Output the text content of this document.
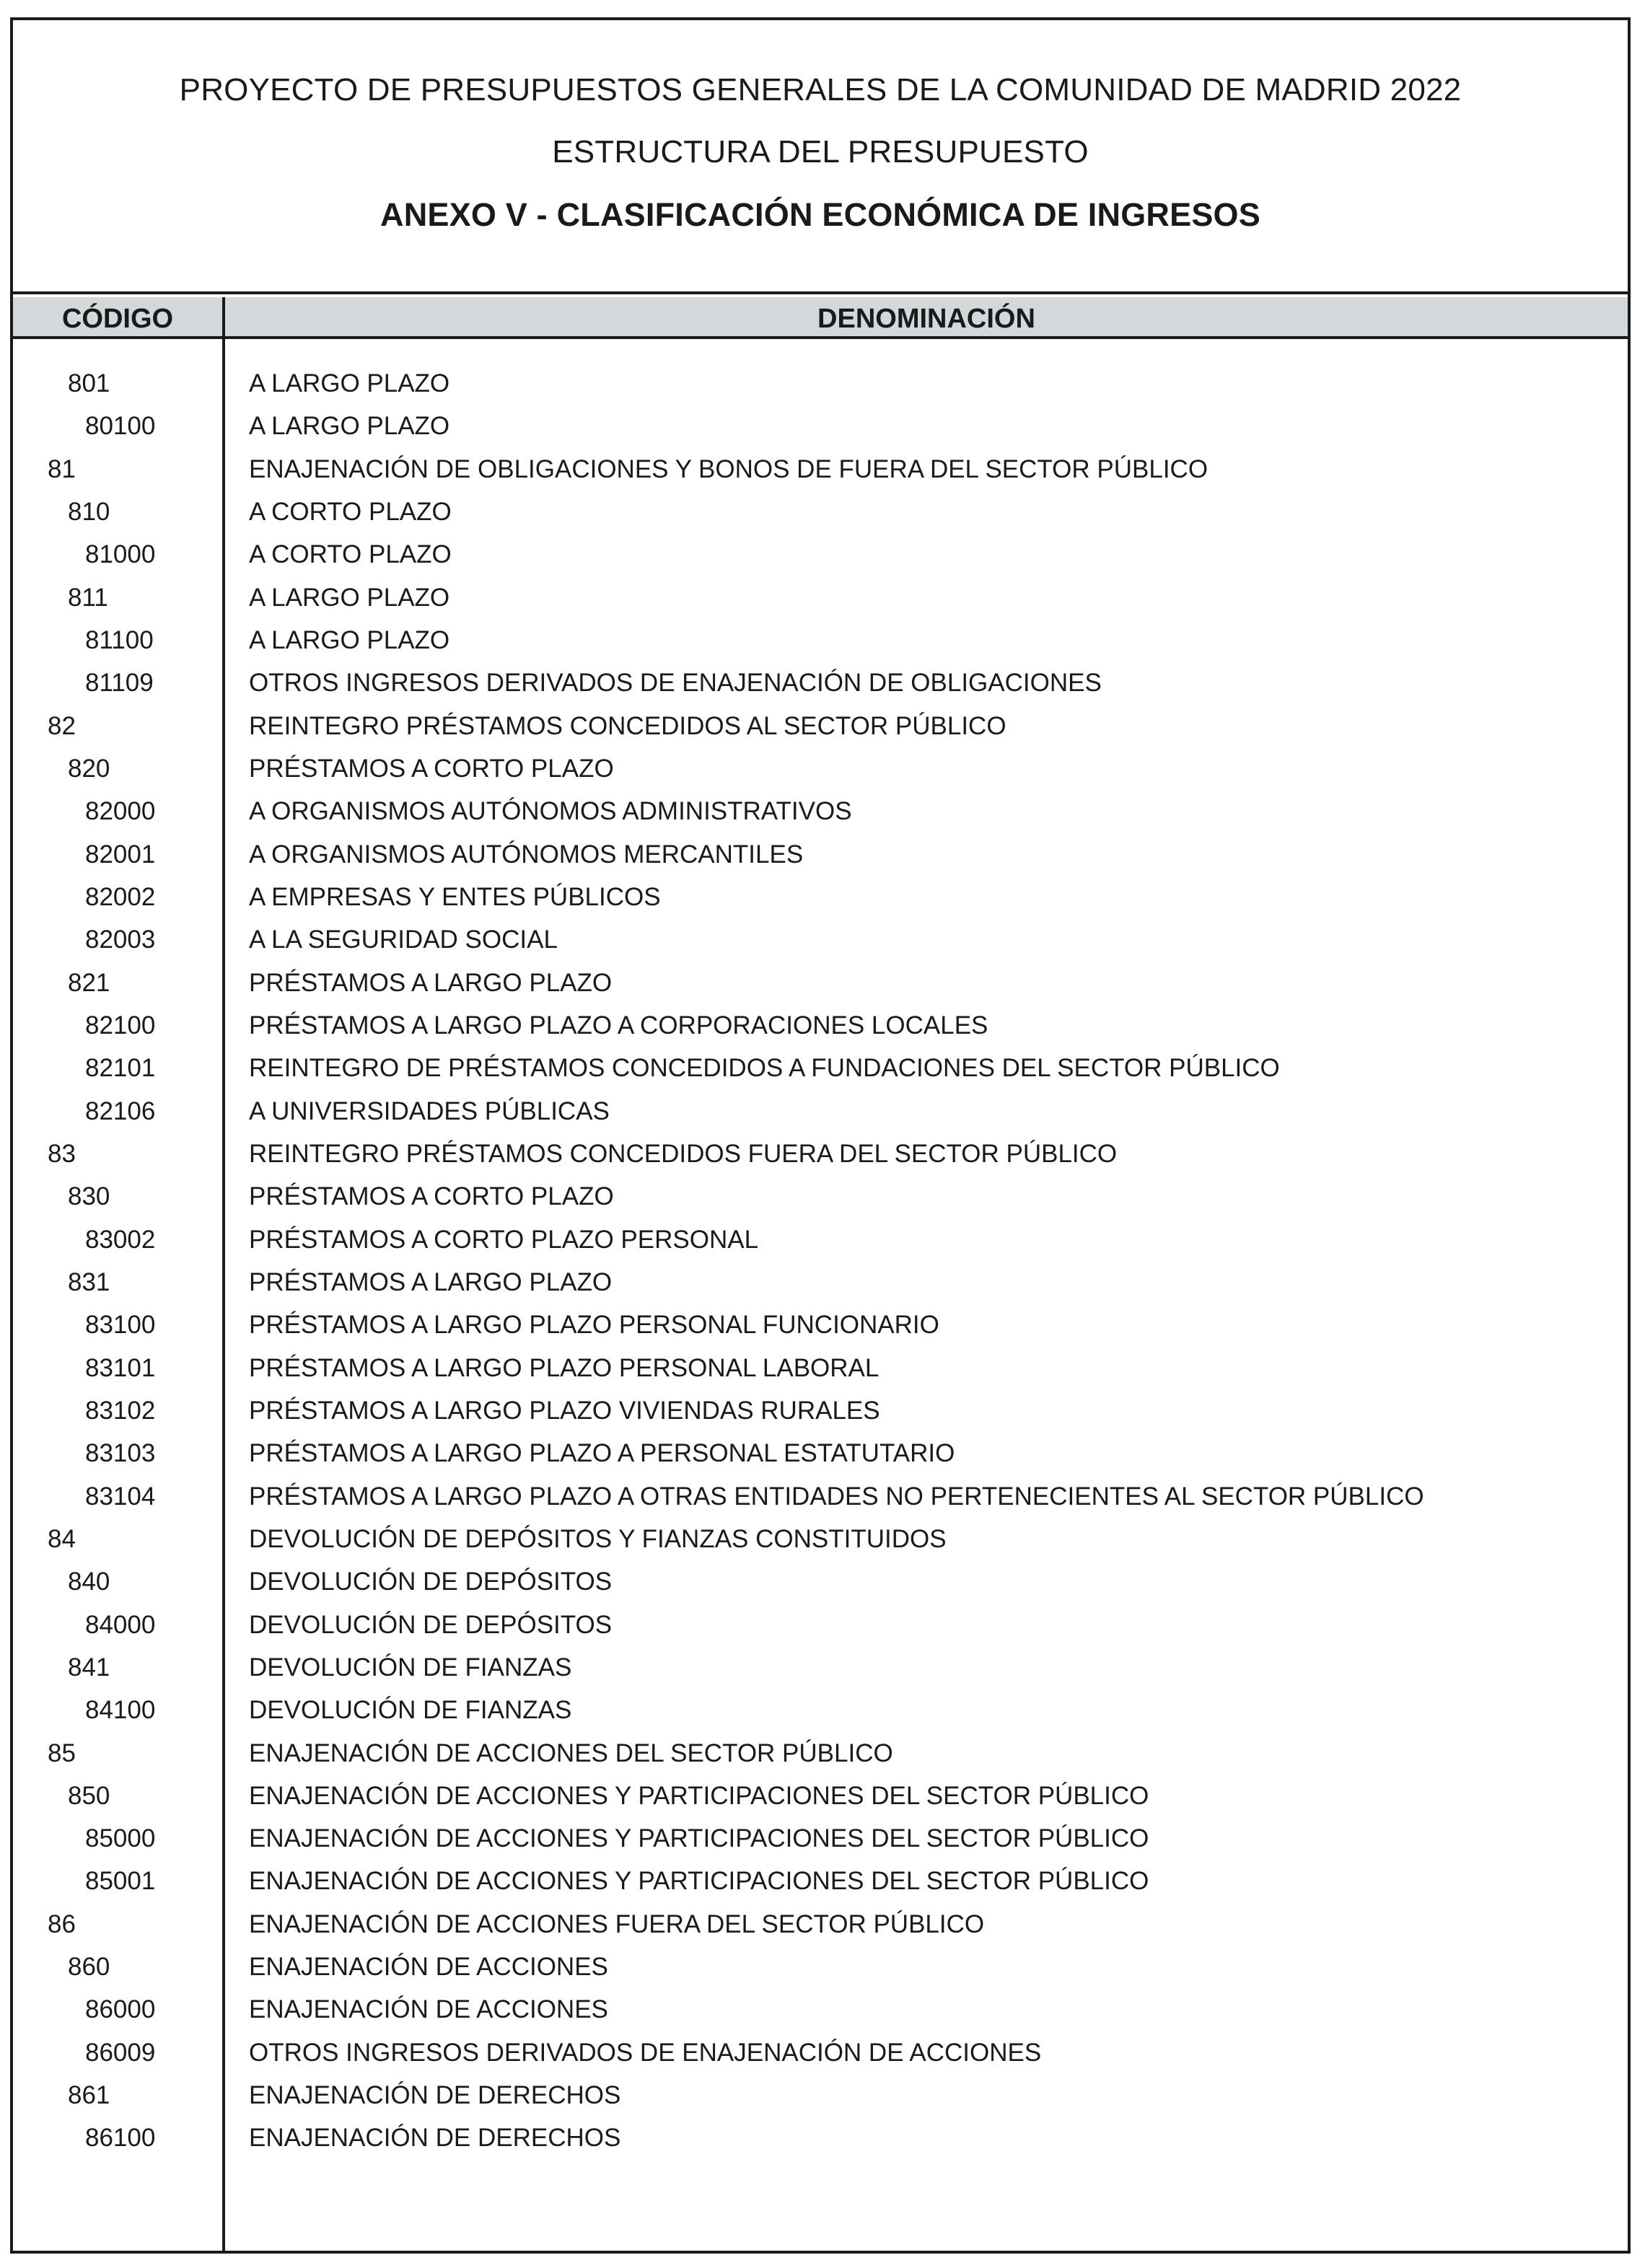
PROYECTO DE PRESUPUESTOS GENERALES DE LA COMUNIDAD DE MADRID 2022
ESTRUCTURA DEL PRESUPUESTO
ANEXO V - CLASIFICACIÓN ECONÓMICA DE INGRESOS
CÓDIGO	DENOMINACIÓN
801	A LARGO PLAZO
80100	A LARGO PLAZO
81	ENAJENACIÓN DE OBLIGACIONES Y BONOS DE FUERA DEL SECTOR PÚBLICO
810	A CORTO PLAZO
81000	A CORTO PLAZO
811	A LARGO PLAZO
81100	A LARGO PLAZO
81109	OTROS INGRESOS DERIVADOS DE ENAJENACIÓN DE OBLIGACIONES
82	REINTEGRO PRÉSTAMOS CONCEDIDOS AL SECTOR PÚBLICO
820	PRÉSTAMOS A CORTO PLAZO
82000	A ORGANISMOS AUTÓNOMOS ADMINISTRATIVOS
82001	A ORGANISMOS AUTÓNOMOS MERCANTILES
82002	A EMPRESAS Y ENTES PÚBLICOS
82003	A LA SEGURIDAD SOCIAL
821	PRÉSTAMOS A LARGO PLAZO
82100	PRÉSTAMOS A LARGO PLAZO A CORPORACIONES LOCALES
82101	REINTEGRO DE PRÉSTAMOS CONCEDIDOS A FUNDACIONES DEL SECTOR PÚBLICO
82106	A UNIVERSIDADES PÚBLICAS
83	REINTEGRO PRÉSTAMOS CONCEDIDOS FUERA DEL SECTOR PÚBLICO
830	PRÉSTAMOS A CORTO PLAZO
83002	PRÉSTAMOS A CORTO PLAZO PERSONAL
831	PRÉSTAMOS A LARGO PLAZO
83100	PRÉSTAMOS A LARGO PLAZO PERSONAL FUNCIONARIO
83101	PRÉSTAMOS A LARGO PLAZO PERSONAL LABORAL
83102	PRÉSTAMOS A LARGO PLAZO VIVIENDAS RURALES
83103	PRÉSTAMOS A LARGO PLAZO A PERSONAL ESTATUTARIO
83104	PRÉSTAMOS A LARGO PLAZO A OTRAS ENTIDADES NO PERTENECIENTES AL SECTOR PÚBLICO
84	DEVOLUCIÓN DE DEPÓSITOS Y FIANZAS CONSTITUIDOS
840	DEVOLUCIÓN DE DEPÓSITOS
84000	DEVOLUCIÓN DE DEPÓSITOS
841	DEVOLUCIÓN DE FIANZAS
84100	DEVOLUCIÓN DE FIANZAS
85	ENAJENACIÓN DE ACCIONES DEL SECTOR PÚBLICO
850	ENAJENACIÓN DE ACCIONES Y PARTICIPACIONES DEL SECTOR PÚBLICO
85000	ENAJENACIÓN DE ACCIONES Y PARTICIPACIONES DEL SECTOR PÚBLICO
85001	ENAJENACIÓN DE ACCIONES Y PARTICIPACIONES DEL SECTOR PÚBLICO
86	ENAJENACIÓN DE ACCIONES FUERA DEL SECTOR PÚBLICO
860	ENAJENACIÓN DE ACCIONES
86000	ENAJENACIÓN DE ACCIONES
86009	OTROS INGRESOS DERIVADOS DE ENAJENACIÓN DE ACCIONES
861	ENAJENACIÓN DE DERECHOS
86100	ENAJENACIÓN DE DERECHOS
